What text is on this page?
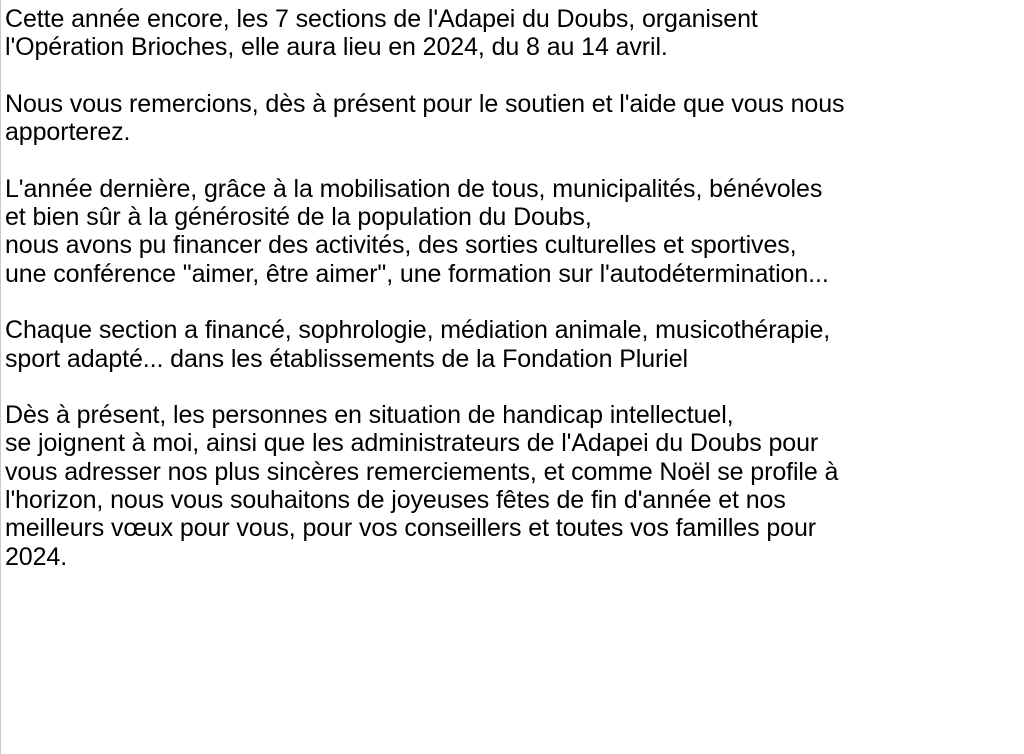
Cette année encore, les 7 sections de l'Adapei du Doubs, organisent
l'Opération Brioches, elle aura lieu en 2024, du 8 au 14 avril.

Nous vous remercions, dès à présent pour le soutien et l'aide que vous nous
apporterez.

L'année dernière, grâce à la mobilisation de tous, municipalités, bénévoles
et bien sûr à la générosité de la population du Doubs,
nous avons pu financer des activités, des sorties culturelles et sportives,
une conférence "aimer, être aimer", une formation sur l'autodétermination...

Chaque section a financé, sophrologie, médiation animale, musicothérapie,
sport adapté... dans les établissements de la Fondation Pluriel

Dès à présent, les personnes en situation de handicap intellectuel,
se joignent à moi, ainsi que les administrateurs de l'Adapei du Doubs pour
vous adresser nos plus sincères remerciements, et comme Noël se profile à
l'horizon, nous vous souhaitons de joyeuses fêtes de fin d'année et nos
meilleurs vœux pour vous, pour vos conseillers et toutes vos familles pour
2024.
